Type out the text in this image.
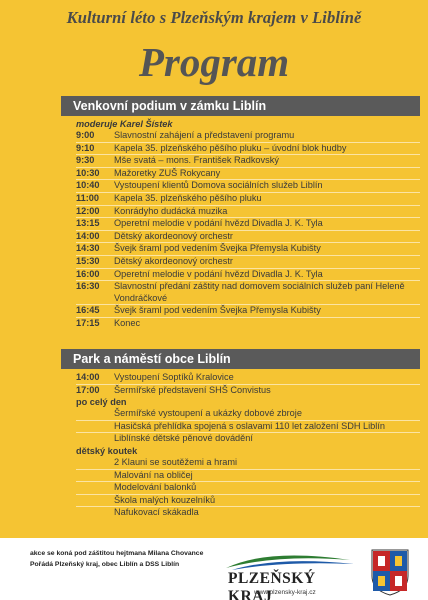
Kulturní léto s Plzeňským krajem v Liblíně
Program
Venkovní podium v zámku Liblín
moderuje Karel Šístek
9:00	Slavnostní zahájení a představení programu
9:10	Kapela 35. plzeňského pěšího pluku – úvodní blok hudby
9:30	Mše svatá – mons. František Radkovský
10:30	Mažoretky ZUŠ Rokycany
10:40	Vystoupení klientů Domova sociálních služeb Liblín
11:00	Kapela 35. plzeňského pěšího pluku
12:00	Konrádyho dudácká muzika
13:15	Operetní melodie v podání hvězd Divadla J. K. Tyla
14:00	Dětský akordeonový orchestr
14:30	Švejk šraml pod vedením Švejka Přemysla Kubišty
15:30	Dětský akordeonový orchestr
16:00	Operetní melodie v podání hvězd Divadla J. K. Tyla
16:30	Slavnostní předání záštity nad domovem sociálních služeb paní Heleně Vondráčkové
16:45	Švejk šraml pod vedením Švejka Přemysla Kubišty
17:15	Konec
Park a náměstí obce Liblín
14:00	Vystoupení Soptíků Kralovice
17:00	Šermířské představení SHŠ Convistus
po celý den
Šermířské vystoupení a ukázky dobové zbroje
Hasičská přehlídka spojená s oslavami 110 let založení SDH Liblín
Liblínské dětské pěnové dovádění
dětský koutek
2 Klauni se soutěžemi a hrami
Malování na obličej
Modelování balonků
Škola malých kouzelníků
Nafukovací skákadla
akce se koná pod záštitou hejtmana Milana Chovance
Pořádá Plzeňský kraj, obec Liblín a DSS Liblín
PLZEŇSKÝ KRAJ
www.plzensky-kraj.cz
